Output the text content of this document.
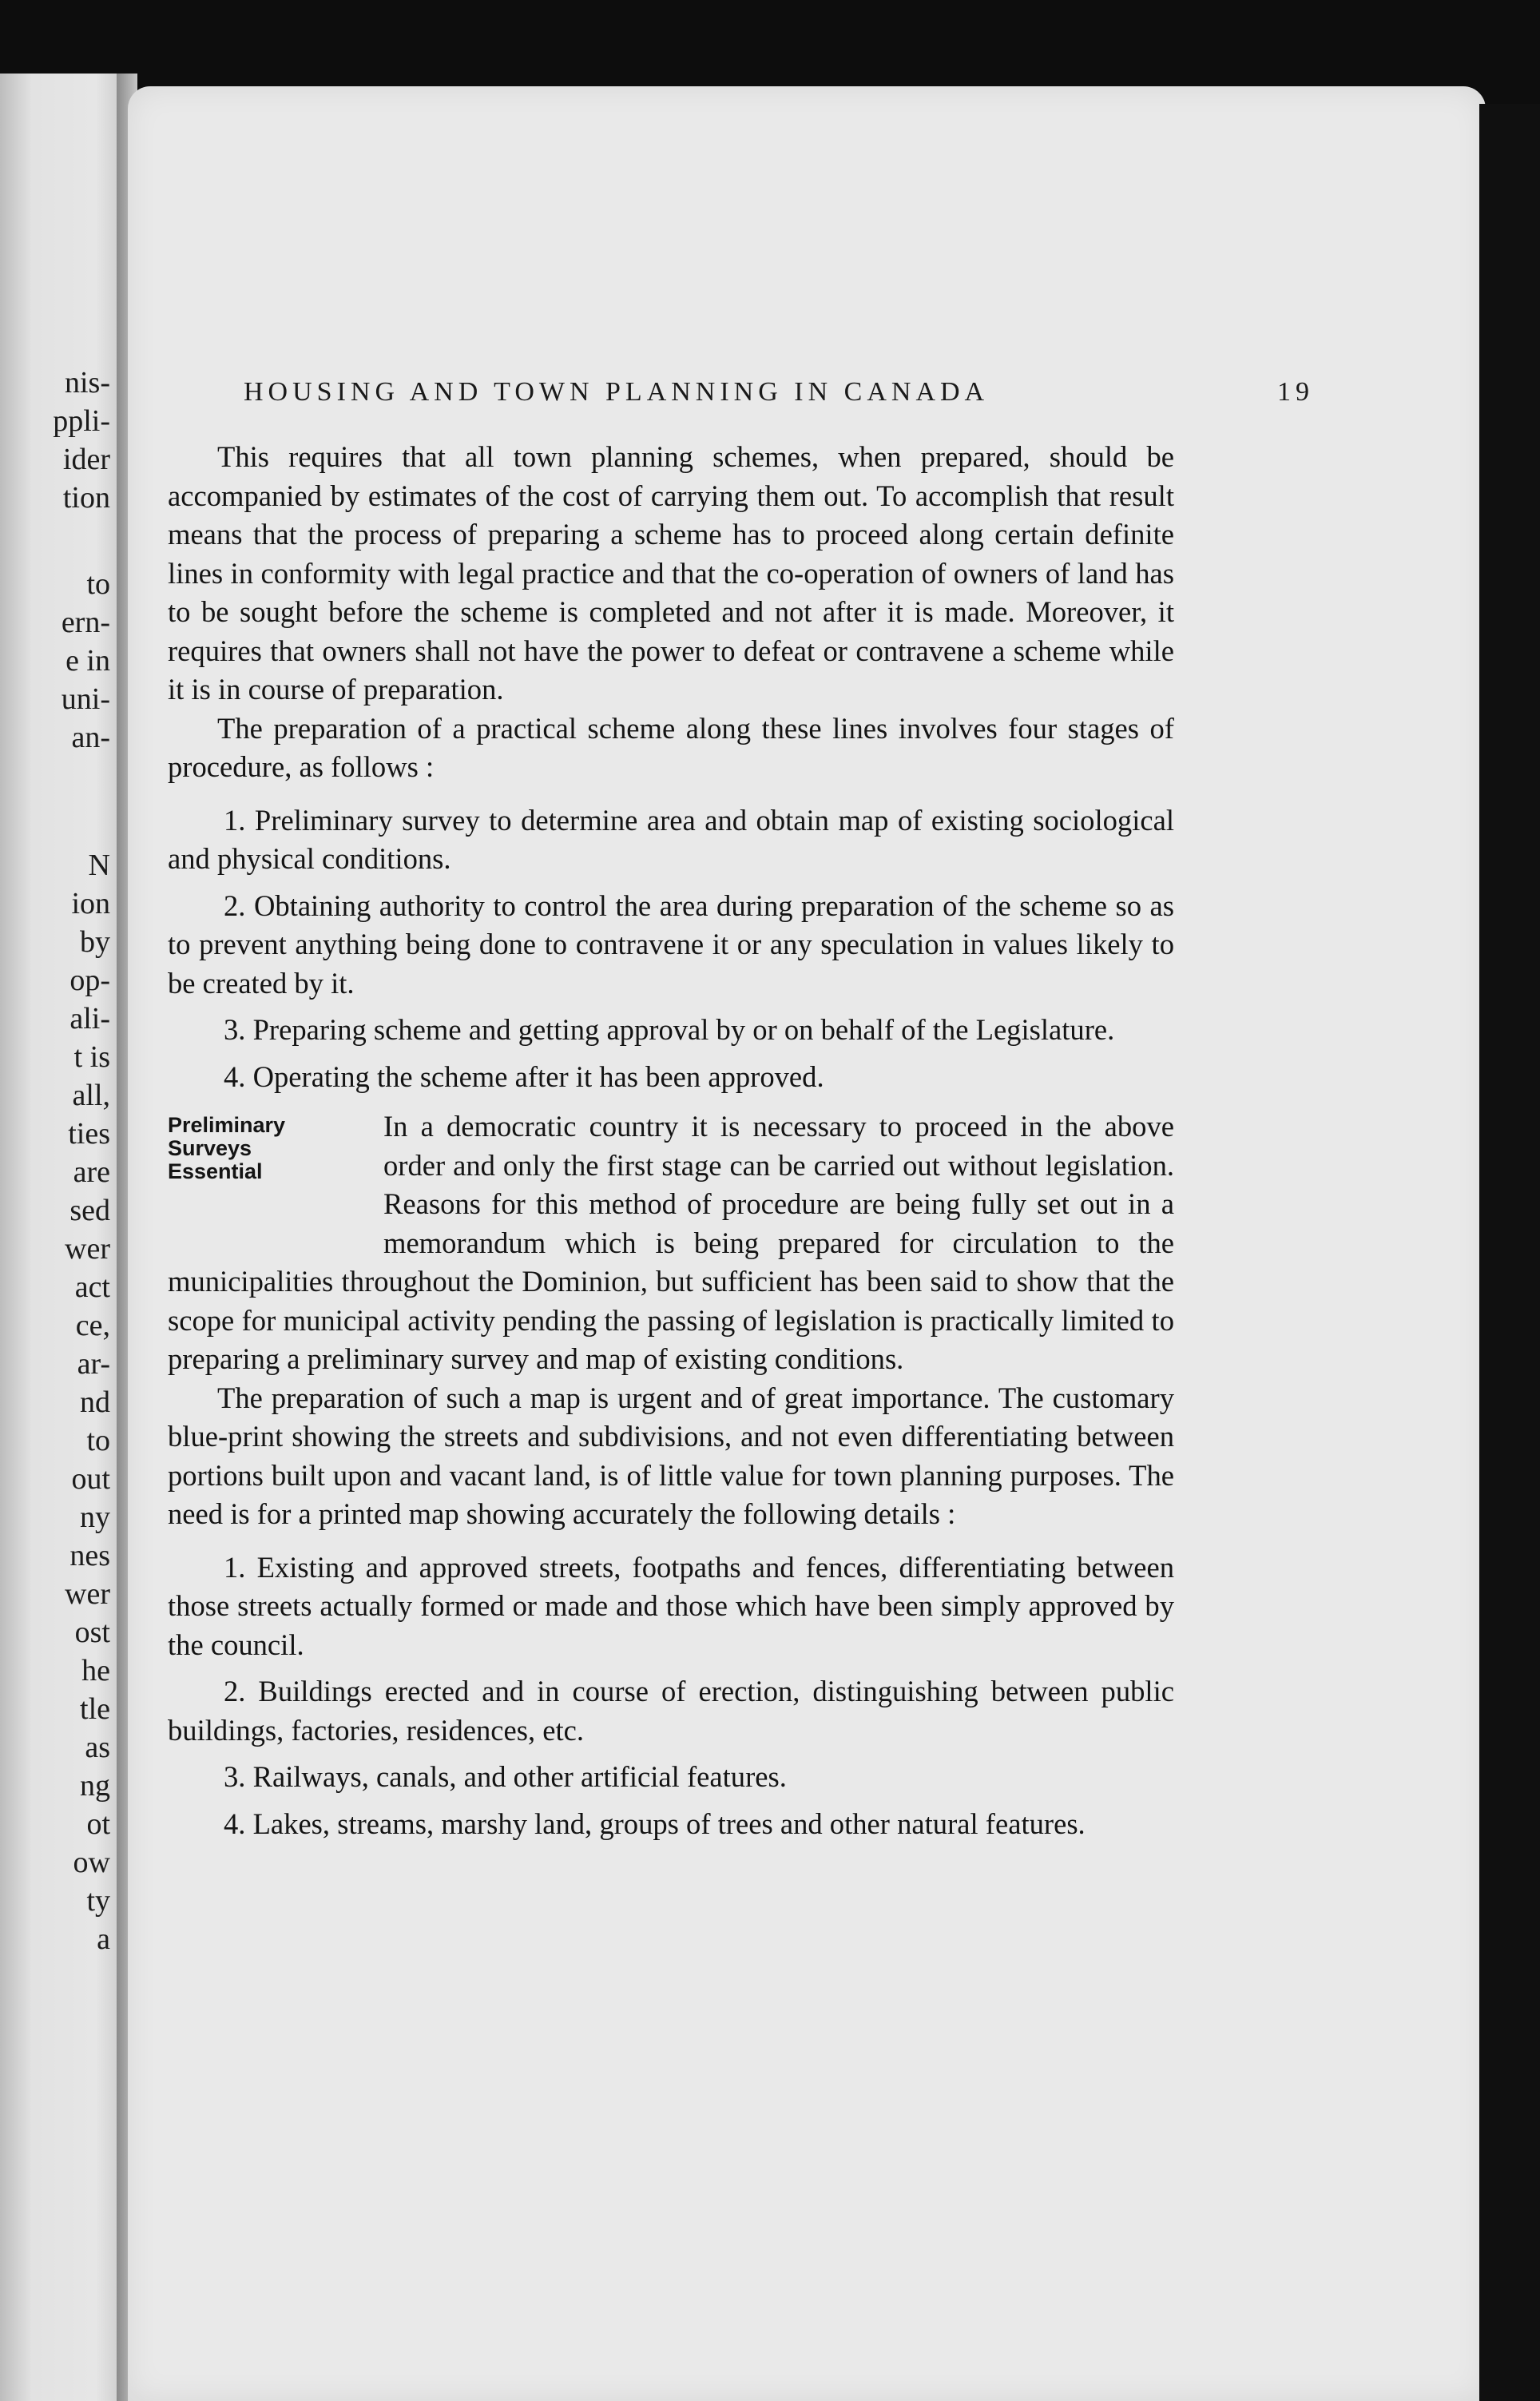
nis-
ppli-
ider
tion
to
ern-
e in
uni-
an-
N
ion
by
op-
ali-
t is
all,
ties
are
sed
wer
act
ce,
ar-
nd
to
out
ny
nes
wer
ost
he
tle
as
ng
ot
ow
ty
a
HOUSING AND TOWN PLANNING IN CANADA	19

This requires that all town planning schemes, when prepared, should be accompanied by estimates of the cost of carrying them out. To accomplish that result means that the process of preparing a scheme has to proceed along certain definite lines in conformity with legal practice and that the co-operation of owners of land has to be sought before the scheme is completed and not after it is made. Moreover, it requires that owners shall not have the power to defeat or contravene a scheme while it is in course of preparation.

The preparation of a practical scheme along these lines involves four stages of procedure, as follows :

1. Preliminary survey to determine area and obtain map of existing sociological and physical conditions.

2. Obtaining authority to control the area during preparation of the scheme so as to prevent anything being done to contravene it or any speculation in values likely to be created by it.

3. Preparing scheme and getting approval by or on behalf of the Legislature.

4. Operating the scheme after it has been approved.

Preliminary
Surveys
Essential

In a democratic country it is necessary to proceed in the above order and only the first stage can be carried out without legislation. Reasons for this method of procedure are being fully set out in a memorandum which is being prepared for circulation to the municipalities throughout the Dominion, but sufficient has been said to show that the scope for municipal activity pending the passing of legislation is practically limited to preparing a preliminary survey and map of existing conditions.

The preparation of such a map is urgent and of great importance. The customary blue-print showing the streets and subdivisions, and not even differentiating between portions built upon and vacant land, is of little value for town planning purposes. The need is for a printed map showing accurately the following details :

1. Existing and approved streets, footpaths and fences, differentiating between those streets actually formed or made and those which have been simply approved by the council.

2. Buildings erected and in course of erection, distinguishing between public buildings, factories, residences, etc.

3. Railways, canals, and other artificial features.

4. Lakes, streams, marshy land, groups of trees and other natural features.
